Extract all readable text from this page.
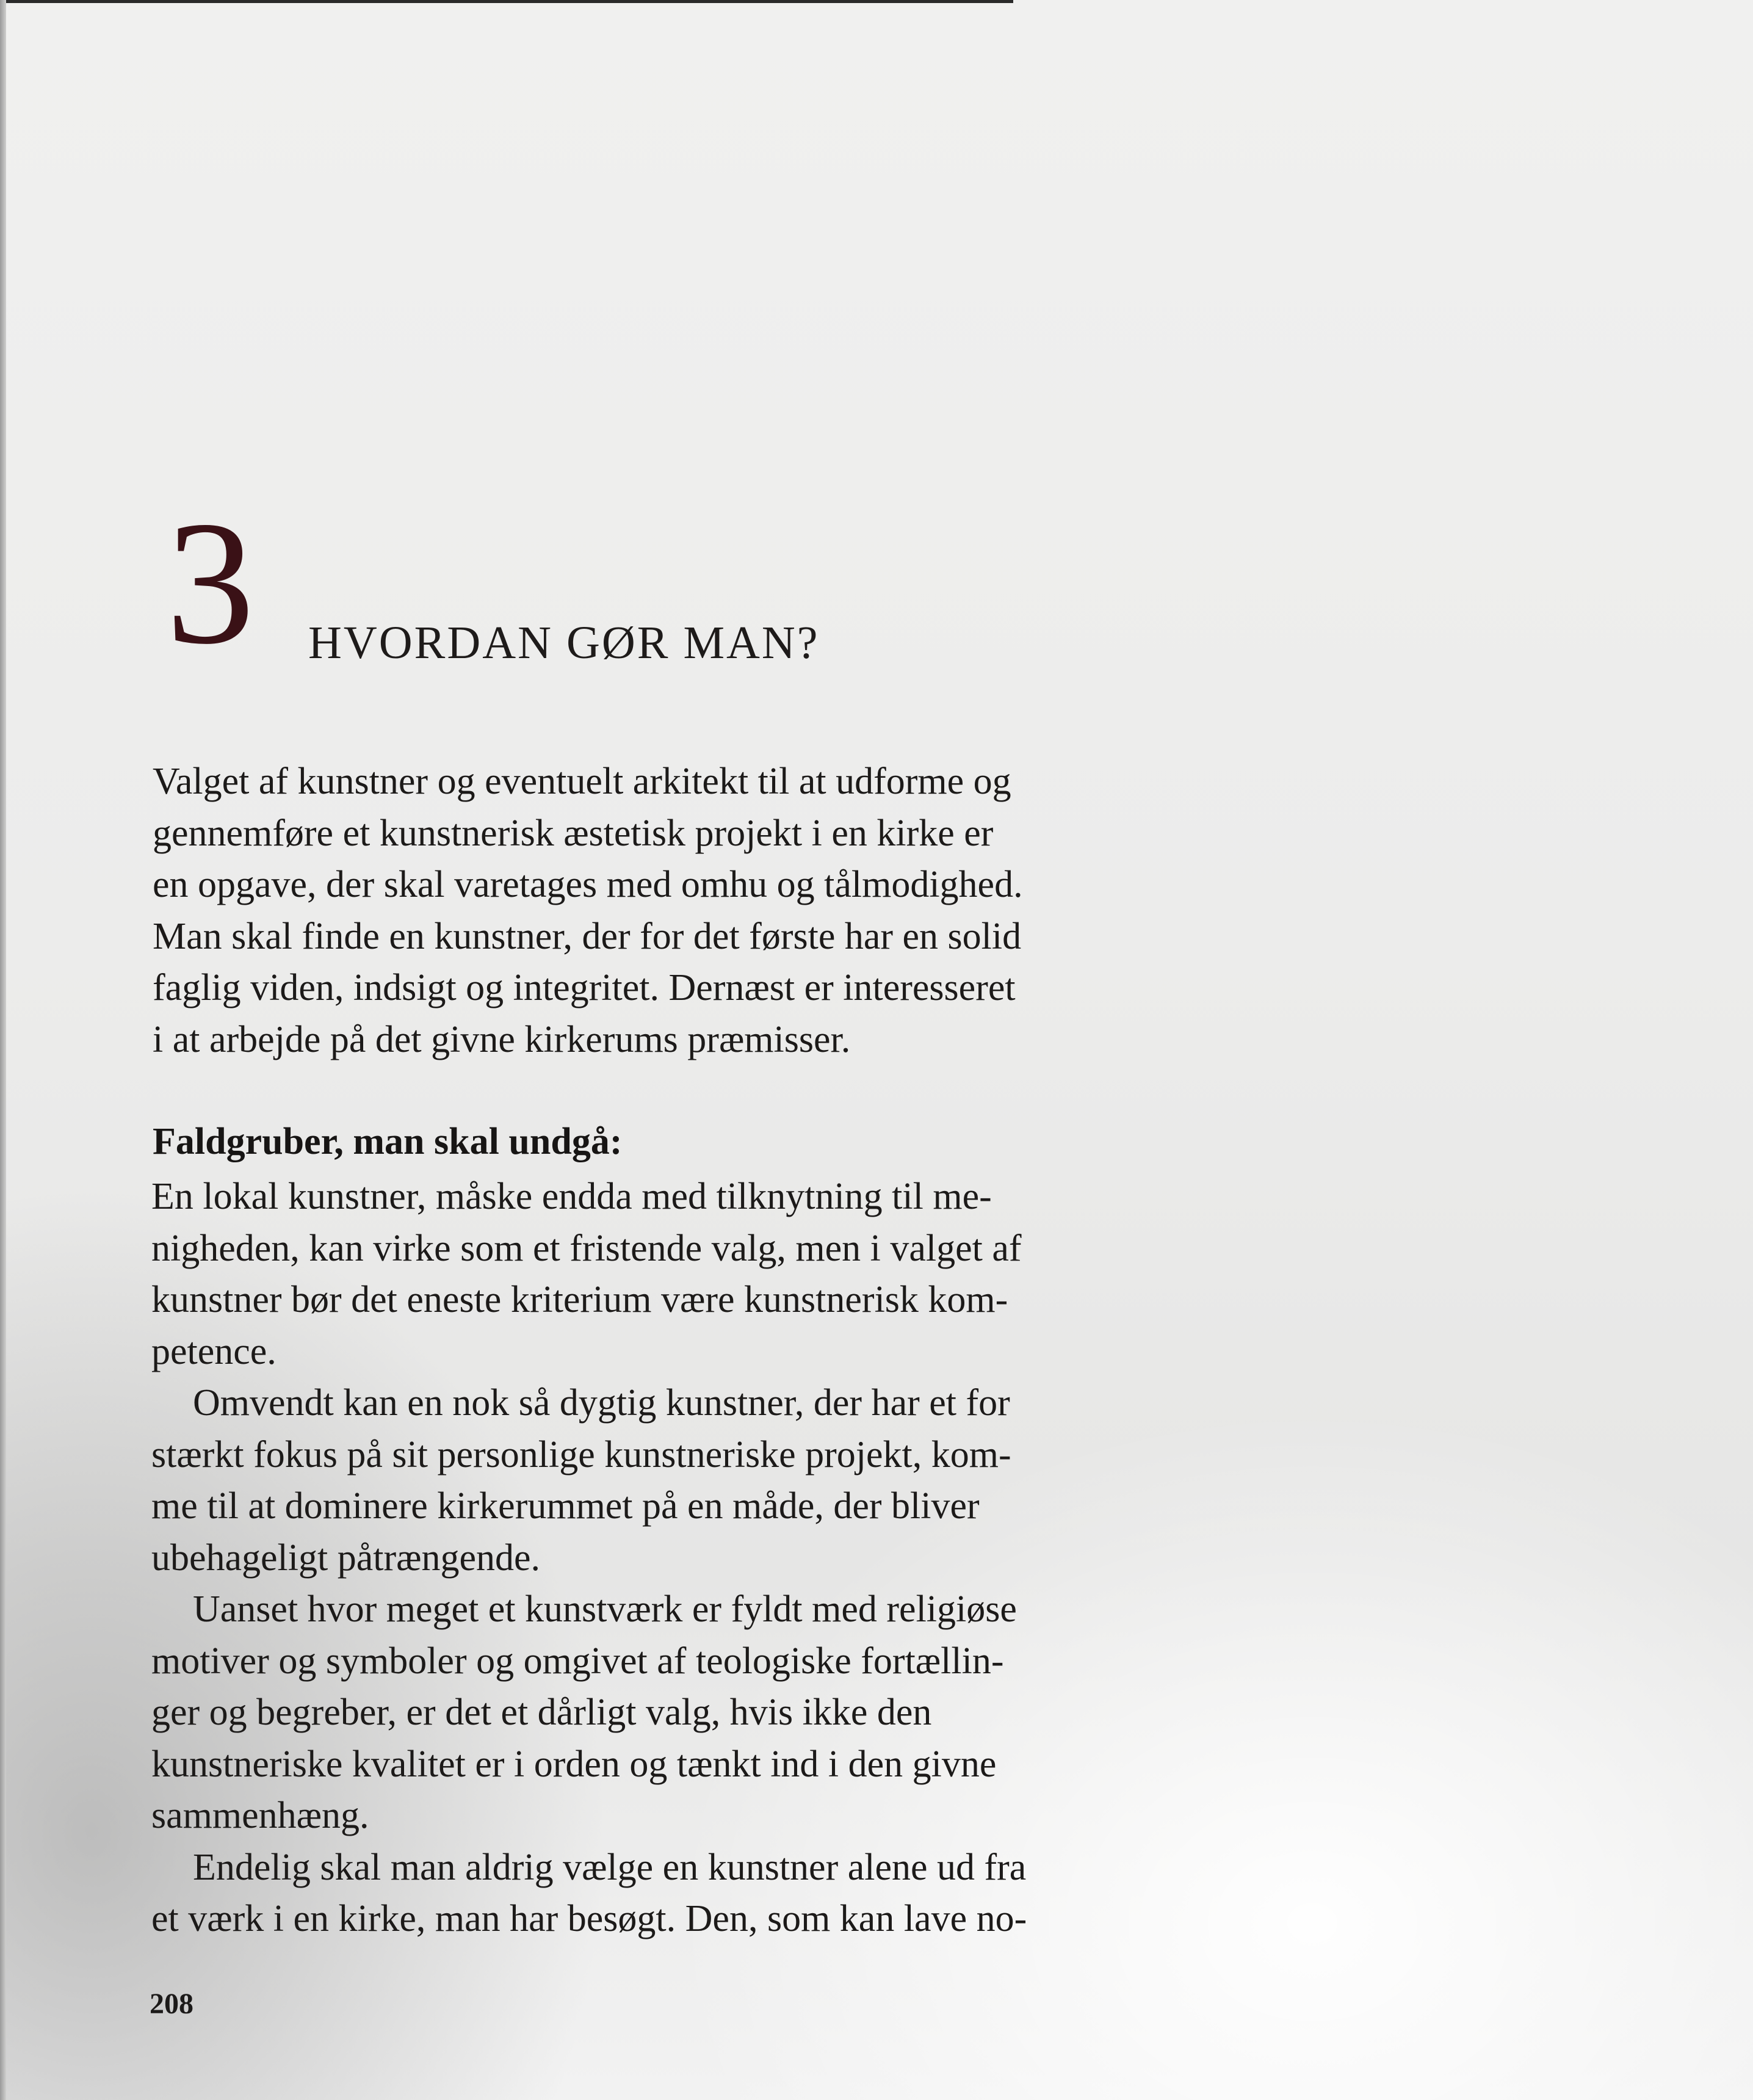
3 HVORDAN GØR MAN?
Valget af kunstner og eventuelt arkitekt til at udforme og
gennemføre et kunstnerisk æstetisk projekt i en kirke er
en opgave, der skal varetages med omhu og tålmodighed.
Man skal finde en kunstner, der for det første har en solid
faglig viden, indsigt og integritet. Dernæst er interesseret
i at arbejde på det givne kirkerums præmisser.
Faldgruber, man skal undgå:
En lokal kunstner, måske endda med tilknytning til me-
nigheden, kan virke som et fristende valg, men i valget af
kunstner bør det eneste kriterium være kunstnerisk kom-
petence.
Omvendt kan en nok så dygtig kunstner, der har et for
stærkt fokus på sit personlige kunstneriske projekt, kom-
me til at dominere kirkerummet på en måde, der bliver
ubehageligt påtrængende.
Uanset hvor meget et kunstværk er fyldt med religiøse
motiver og symboler og omgivet af teologiske fortællin-
ger og begreber, er det et dårligt valg, hvis ikke den
kunstneriske kvalitet er i orden og tænkt ind i den givne
sammenhæng.
Endelig skal man aldrig vælge en kunstner alene ud fra
et værk i en kirke, man har besøgt. Den, som kan lave no-
208
